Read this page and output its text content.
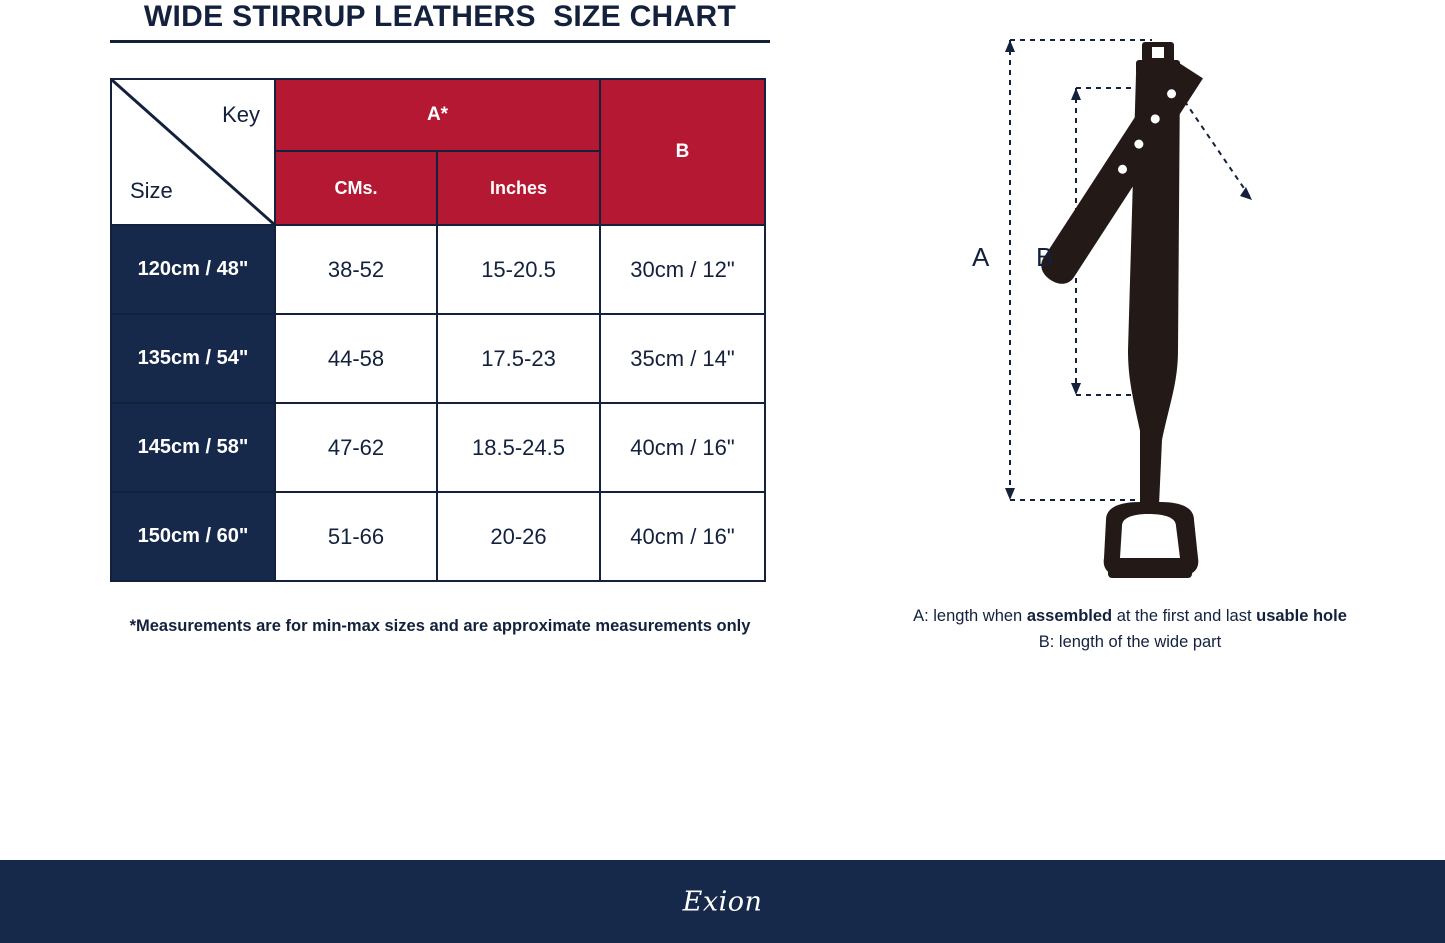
WIDE STIRRUP LEATHERS  SIZE CHART
Key
Size	A*		B
	CMs.	Inches	
120cm / 48"	38-52	15-20.5	30cm / 12"
135cm / 54"	44-58	17.5-23	35cm / 14"
145cm / 58"	47-62	18.5-24.5	40cm / 16"
150cm / 60"	51-66	20-26	40cm / 16"
*Measurements are for min-max sizes and are approximate measurements only
A B
A: length when assembled at the first and last usable hole
B: length of the wide part
Exion
